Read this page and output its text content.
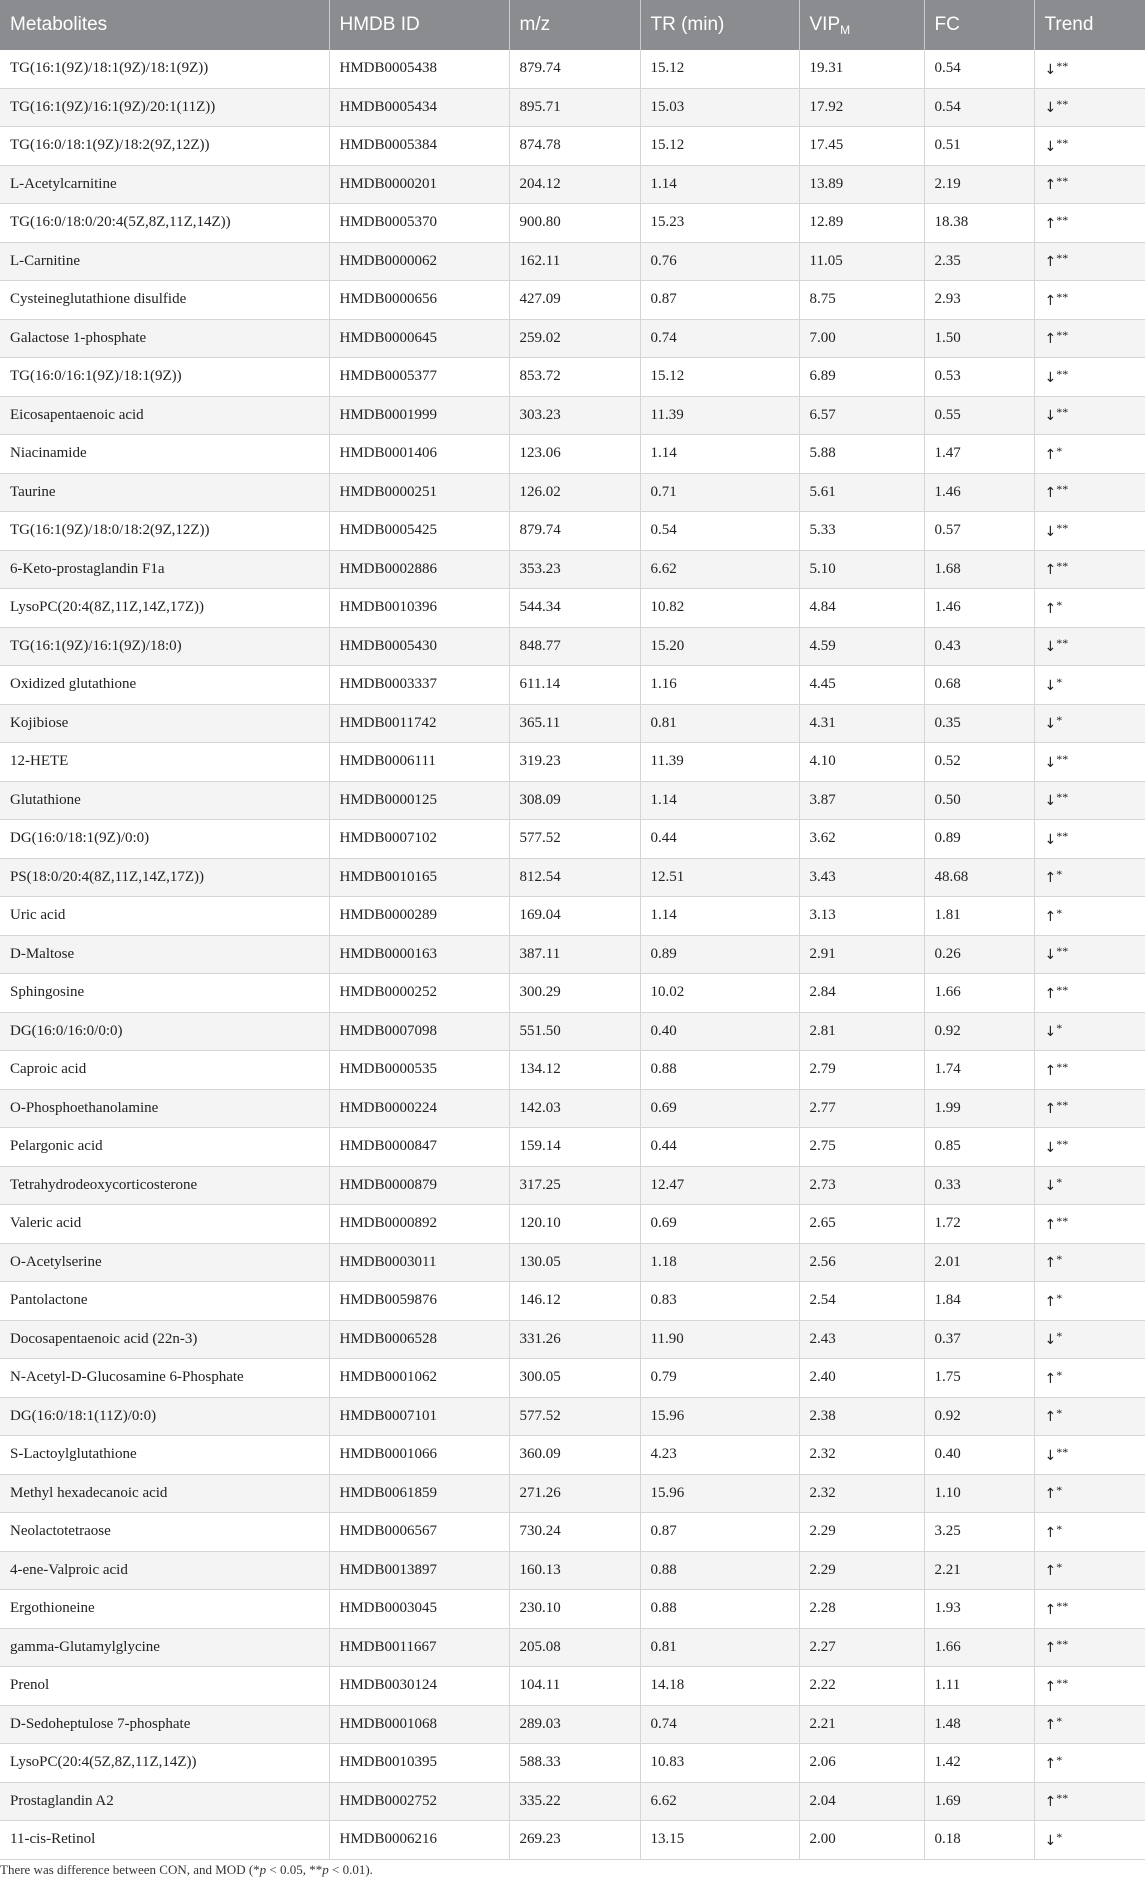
Metabolites	HMDB ID	m/z	TR (min)	$VIP_M$	FC	Trend
TG(16:1(9Z)/18:1(9Z)/18:1(9Z))	HMDB0005438	879.74	15.12	19.31	0.54	↓**
TG(16:1(9Z)/16:1(9Z)/20:1(11Z))	HMDB0005434	895.71	15.03	17.92	0.54	↓**
TG(16:0/18:1(9Z)/18:2(9Z,12Z))	HMDB0005384	874.78	15.12	17.45	0.51	↓**
L-Acetylcarnitine	HMDB0000201	204.12	1.14	13.89	2.19	↑**
TG(16:0/18:0/20:4(5Z,8Z,11Z,14Z))	HMDB0005370	900.80	15.23	12.89	18.38	↑**
L-Carnitine	HMDB0000062	162.11	0.76	11.05	2.35	↑**
Cysteineglutathione disulfide	HMDB0000656	427.09	0.87	8.75	2.93	↑**
Galactose 1-phosphate	HMDB0000645	259.02	0.74	7.00	1.50	↑**
TG(16:0/16:1(9Z)/18:1(9Z))	HMDB0005377	853.72	15.12	6.89	0.53	↓**
Eicosapentaenoic acid	HMDB0001999	303.23	11.39	6.57	0.55	↓**
Niacinamide	HMDB0001406	123.06	1.14	5.88	1.47	↑*
Taurine	HMDB0000251	126.02	0.71	5.61	1.46	↑**
TG(16:1(9Z)/18:0/18:2(9Z,12Z))	HMDB0005425	879.74	0.54	5.33	0.57	↓**
6-Keto-prostaglandin F1a	HMDB0002886	353.23	6.62	5.10	1.68	↑**
LysoPC(20:4(8Z,11Z,14Z,17Z))	HMDB0010396	544.34	10.82	4.84	1.46	↑*
TG(16:1(9Z)/16:1(9Z)/18:0)	HMDB0005430	848.77	15.20	4.59	0.43	↓**
Oxidized glutathione	HMDB0003337	611.14	1.16	4.45	0.68	↓*
Kojibiose	HMDB0011742	365.11	0.81	4.31	0.35	↓*
12-HETE	HMDB0006111	319.23	11.39	4.10	0.52	↓**
Glutathione	HMDB0000125	308.09	1.14	3.87	0.50	↓**
DG(16:0/18:1(9Z)/0:0)	HMDB0007102	577.52	0.44	3.62	0.89	↓**
PS(18:0/20:4(8Z,11Z,14Z,17Z))	HMDB0010165	812.54	12.51	3.43	48.68	↑*
Uric acid	HMDB0000289	169.04	1.14	3.13	1.81	↑*
D-Maltose	HMDB0000163	387.11	0.89	2.91	0.26	↓**
Sphingosine	HMDB0000252	300.29	10.02	2.84	1.66	↑**
DG(16:0/16:0/0:0)	HMDB0007098	551.50	0.40	2.81	0.92	↓*
Caproic acid	HMDB0000535	134.12	0.88	2.79	1.74	↑**
O-Phosphoethanolamine	HMDB0000224	142.03	0.69	2.77	1.99	↑**
Pelargonic acid	HMDB0000847	159.14	0.44	2.75	0.85	↓**
Tetrahydrodeoxycorticosterone	HMDB0000879	317.25	12.47	2.73	0.33	↓*
Valeric acid	HMDB0000892	120.10	0.69	2.65	1.72	↑**
O-Acetylserine	HMDB0003011	130.05	1.18	2.56	2.01	↑*
Pantolactone	HMDB0059876	146.12	0.83	2.54	1.84	↑*
Docosapentaenoic acid (22n-3)	HMDB0006528	331.26	11.90	2.43	0.37	↓*
N-Acetyl-D-Glucosamine 6-Phosphate	HMDB0001062	300.05	0.79	2.40	1.75	↑*
DG(16:0/18:1(11Z)/0:0)	HMDB0007101	577.52	15.96	2.38	0.92	↑*
S-Lactoylglutathione	HMDB0001066	360.09	4.23	2.32	0.40	↓**
Methyl hexadecanoic acid	HMDB0061859	271.26	15.96	2.32	1.10	↑*
Neolactotetraose	HMDB0006567	730.24	0.87	2.29	3.25	↑*
4-ene-Valproic acid	HMDB0013897	160.13	0.88	2.29	2.21	↑*
Ergothioneine	HMDB0003045	230.10	0.88	2.28	1.93	↑**
gamma-Glutamylglycine	HMDB0011667	205.08	0.81	2.27	1.66	↑**
Prenol	HMDB0030124	104.11	14.18	2.22	1.11	↑**
D-Sedoheptulose 7-phosphate	HMDB0001068	289.03	0.74	2.21	1.48	↑*
LysoPC(20:4(5Z,8Z,11Z,14Z))	HMDB0010395	588.33	10.83	2.06	1.42	↑*
Prostaglandin A2	HMDB0002752	335.22	6.62	2.04	1.69	↑**
11-cis-Retinol	HMDB0006216	269.23	13.15	2.00	0.18	↓*
There was difference between CON, and MOD (*p < 0.05, **p < 0.01).
